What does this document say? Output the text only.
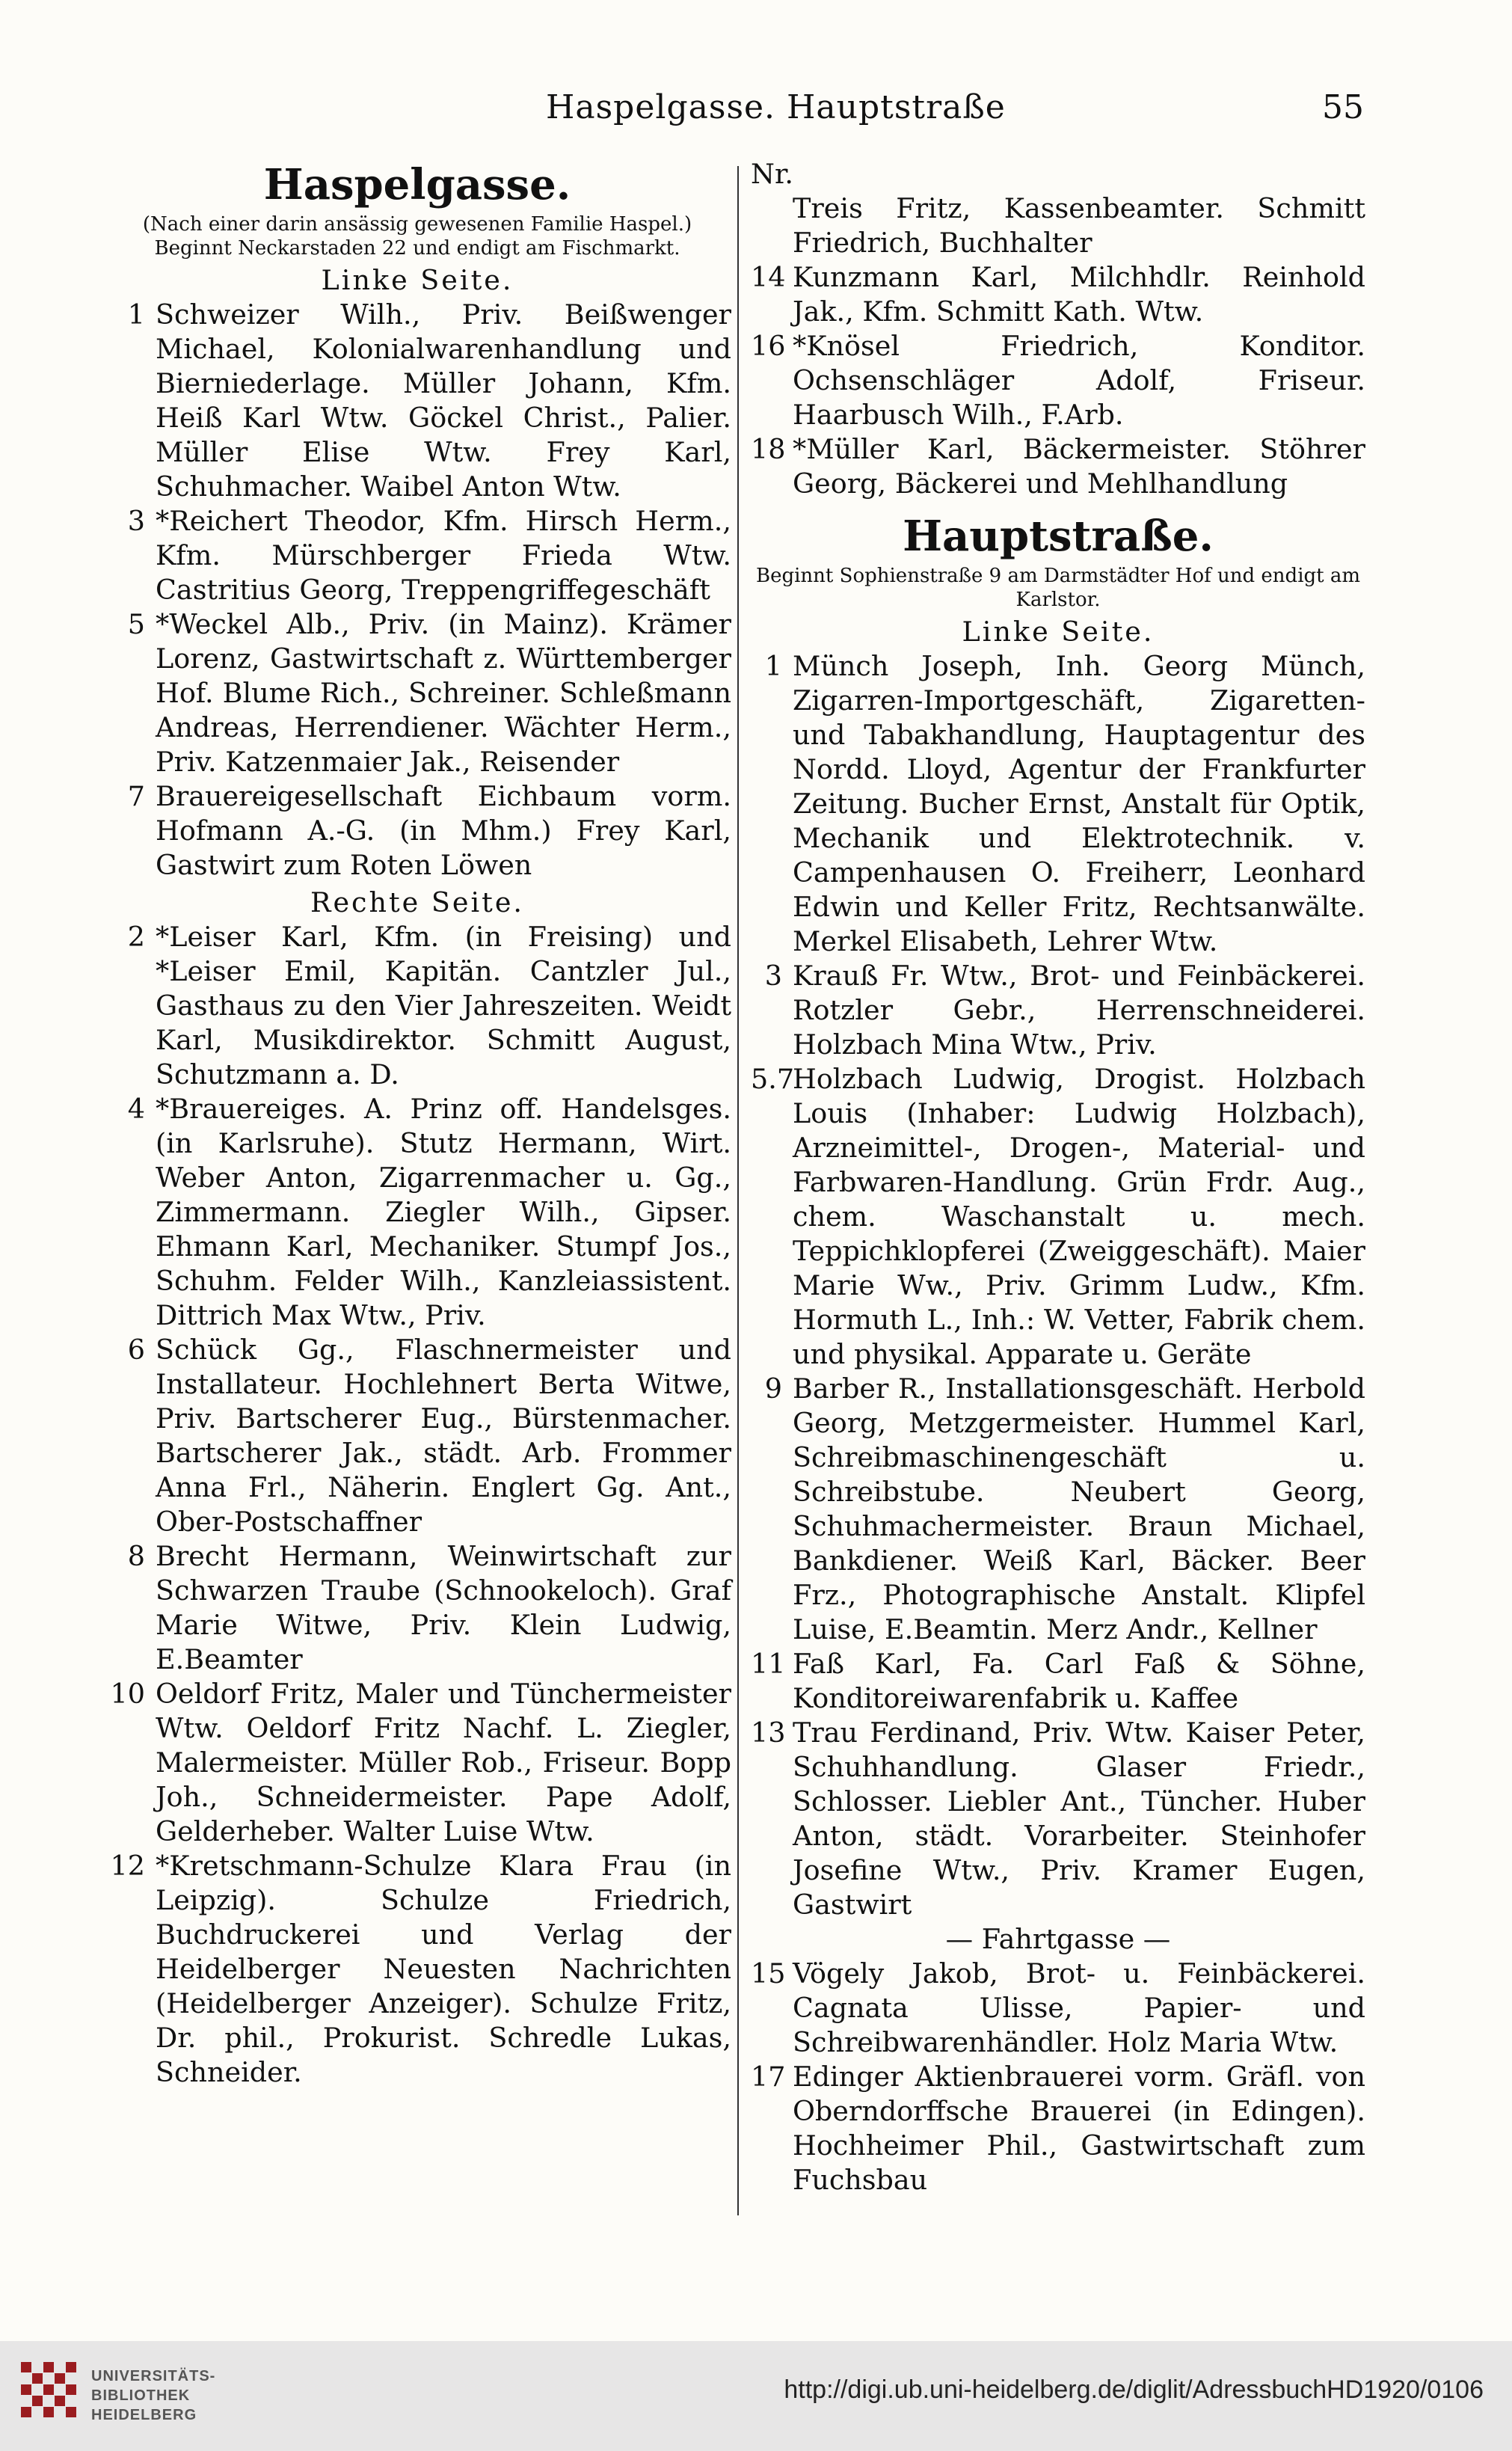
Haspelgasse. Hauptstraße	55

Haspelgasse.

(Nach einer darin ansässig gewesenen Familie Haspel.)

Beginnt Neckarstaden 22 und endigt am Fischmarkt.

Linke Seite.

1 Schweizer Wilh., Priv. Beißwenger Michael, Kolonialwarenhandlung und Bierniederlage. Müller Johann, Kfm. Heiß Karl Wtw. Göckel Christ., Palier. Müller Elise Wtw. Frey Karl, Schuhmacher. Waibel Anton Wtw.
3 *Reichert Theodor, Kfm. Hirsch Herm., Kfm. Mürschberger Frieda Wtw. Castritius Georg, Treppengriffegeschäft
5 *Weckel Alb., Priv. (in Mainz). Krämer Lorenz, Gastwirtschaft z. Württemberger Hof. Blume Rich., Schreiner. Schleßmann Andreas, Herrendiener. Wächter Herm., Priv. Katzenmaier Jak., Reisender
7 Brauereigesellschaft Eichbaum vorm. Hofmann A.-G. (in Mhm.) Frey Karl, Gastwirt zum Roten Löwen

Rechte Seite.

2 *Leiser Karl, Kfm. (in Freising) und *Leiser Emil, Kapitän. Cantzler Jul., Gasthaus zu den Vier Jahreszeiten. Weidt Karl, Musikdirektor. Schmitt August, Schutzmann a. D.
4 *Brauereiges. A. Prinz off. Handelsges. (in Karlsruhe). Stutz Hermann, Wirt. Weber Anton, Zigarrenmacher u. Gg., Zimmermann. Ziegler Wilh., Gipser. Ehmann Karl, Mechaniker. Stumpf Jos., Schuhm. Felder Wilh., Kanzleiassistent. Dittrich Max Wtw., Priv.
6 Schück Gg., Flaschnermeister und Installateur. Hochlehnert Berta Witwe, Priv. Bartscherer Eug., Bürstenmacher. Bartscherer Jak., städt. Arb. Frommer Anna Frl., Näherin. Englert Gg. Ant., Ober-Postschaffner
8 Brecht Hermann, Weinwirtschaft zur Schwarzen Traube (Schnookeloch). Graf Marie Witwe, Priv. Klein Ludwig, E.Beamter
10 Oeldorf Fritz, Maler und Tünchermeister Wtw. Oeldorf Fritz Nachf. L. Ziegler, Malermeister. Müller Rob., Friseur. Bopp Joh., Schneidermeister. Pape Adolf, Gelderheber. Walter Luise Wtw.
12 *Kretschmann-Schulze Klara Frau (in Leipzig). Schulze Friedrich, Buchdruckerei und Verlag der Heidelberger Neuesten Nachrichten (Heidelberger Anzeiger). Schulze Fritz, Dr. phil., Prokurist. Schredle Lukas, Schneider.

Nr.

Treis Fritz, Kassenbeamter. Schmitt Friedrich, Buchhalter

14 Kunzmann Karl, Milchhdlr. Reinhold Jak., Kfm. Schmitt Kath. Wtw.
16 *Knösel Friedrich, Konditor. Ochsenschläger Adolf, Friseur. Haarbusch Wilh., F.Arb.
18 *Müller Karl, Bäckermeister. Stöhrer Georg, Bäckerei und Mehlhandlung

Hauptstraße.

Beginnt Sophienstraße 9 am Darmstädter Hof und endigt am Karlstor.

Linke Seite.

1 Münch Joseph, Inh. Georg Münch, Zigarren-Importgeschäft, Zigaretten- und Tabakhandlung, Hauptagentur des Nordd. Lloyd, Agentur der Frankfurter Zeitung. Bucher Ernst, Anstalt für Optik, Mechanik und Elektrotechnik. v. Campenhausen O. Freiherr, Leonhard Edwin und Keller Fritz, Rechtsanwälte. Merkel Elisabeth, Lehrer Wtw.
3 Krauß Fr. Wtw., Brot- und Feinbäckerei. Rotzler Gebr., Herrenschneiderei. Holzbach Mina Wtw., Priv.
5.7
Holzbach Ludwig, Drogist. Holzbach Louis (Inhaber: Ludwig Holzbach), Arzneimittel-, Drogen-, Material- und Farbwaren-Handlung. Grün Frdr. Aug., chem. Waschanstalt u. mech. Teppichklopferei (Zweiggeschäft). Maier Marie Ww., Priv. Grimm Ludw., Kfm. Hormuth L., Inh.: W. Vetter, Fabrik chem. und physikal. Apparate u. Geräte
9 Barber R., Installationsgeschäft. Herbold Georg, Metzgermeister. Hummel Karl, Schreibmaschinengeschäft u. Schreibstube. Neubert Georg, Schuhmachermeister. Braun Michael, Bankdiener. Weiß Karl, Bäcker. Beer Frz., Photographische Anstalt. Klipfel Luise, E.Beamtin. Merz Andr., Kellner
11 Faß Karl, Fa. Carl Faß & Söhne, Konditoreiwarenfabrik u. Kaffee
13 Trau Ferdinand, Priv. Wtw. Kaiser Peter, Schuhhandlung. Glaser Friedr., Schlosser. Liebler Ant., Tüncher. Huber Anton, städt. Vorarbeiter. Steinhofer Josefine Wtw., Priv. Kramer Eugen, Gastwirt

— Fahrtgasse —

15 Vögely Jakob, Brot- u. Feinbäckerei. Cagnata Ulisse, Papier- und Schreibwarenhändler. Holz Maria Wtw.
17 Edinger Aktienbrauerei vorm. Gräfl. von Oberndorffsche Brauerei (in Edingen). Hochheimer Phil., Gastwirtschaft zum Fuchsbau
UNIVERSITÄTS-
BIBLIOTHEK
HEIDELBERG
http://digi.ub.uni-heidelberg.de/diglit/AdressbuchHD1920/0106
